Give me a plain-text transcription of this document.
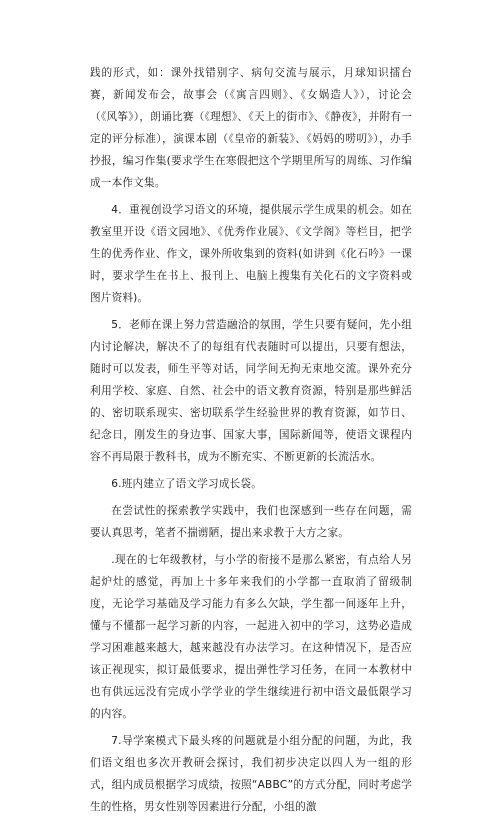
践的形式，如：课外找错别字、病句交流与展示，月球知识擂台赛，新闻发布会，故事会（《寓言四则》、《女娲造人》），讨论会（《风筝》），朗诵比赛（《理想》、《天上的街市》、《静夜》，并附有一定的评分标准），演课本剧（《皇帝的新装》、《妈妈的唠叨》），办手抄报，编习作集(要求学生在寒假把这个学期里所写的周练、习作编成一本作文集。

4．重视创设学习语文的环境，提供展示学生成果的机会。如在教室里开设《语文园地》、《优秀作业展》、《文学阁》等栏目，把学生的优秀作业、作文，课外所收集到的资料(如讲到《化石吟》一课时，要求学生在书上、报刊上、电脑上搜集有关化石的文字资料或图片资料)。

5．老师在课上努力营造融洽的氛围，学生只要有疑问，先小组内讨论解决，解决不了的每组有代表随时可以提出，只要有想法，随时可以发表，师生平等对话，同学间无拘无束地交流。课外充分利用学校、家庭、自然、社会中的语文教育资源，特别是那些鲜活的、密切联系现实、密切联系学生经验世界的教育资源，如节日、纪念日，刚发生的身边事、国家大事，国际新闻等，使语文课程内容不再局限于教科书，成为不断充实、不断更新的长流活水。

6.班内建立了语文学习成长袋。

在尝试性的探索教学实践中，我们也深感到一些存在问题，需要认真思考，笔者不揣谫陋，提出来求教于大方之家。

.现在的七年级教材，与小学的衔接不是那么紧密，有点给人另起炉灶的感觉，再加上十多年来我们的小学都一直取消了留级制度，无论学习基础及学习能力有多么欠缺，学生都一间逐年上升，懂与不懂都一起学习新的内容，一起进入初中的学习，这势必造成学习困难越来越大，越来越没有办法学习。在这种情况下，是否应该正视现实，拟订最低要求，提出弹性学习任务，在同一本教材中也有供远远没有完成小学学业的学生继续进行初中语文最低限学习的内容。

7.导学案模式下最头疼的问题就是小组分配的问题，为此，我们语文组也多次开教研会探讨，我们初步决定以四人为一组的形式，组内成员根据学习成绩，按照“ABBC”的方式分配，同时考虑学生的性格，男女性别等因素进行分配，小组的激
